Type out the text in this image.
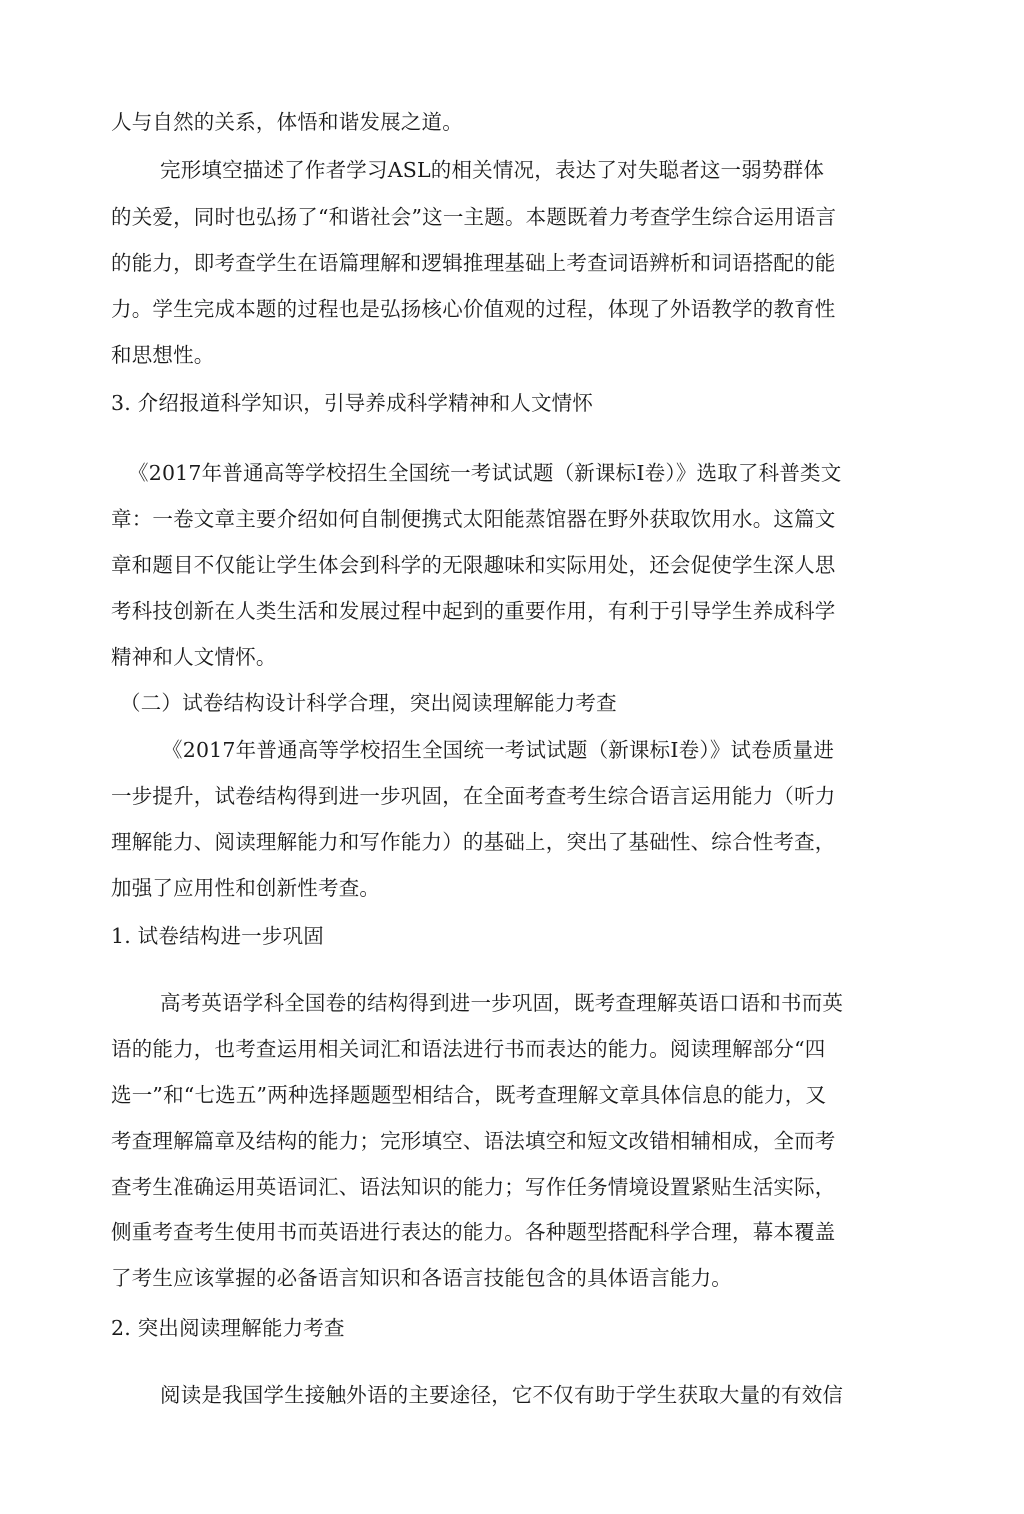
人与自然的关系，体悟和谐发展之道。
完形填空描述了作者学习ASL的相关情况，表达了对失聪者这一弱势群体
的关爱，同时也弘扬了“和谐社会”这一主题。本题既着力考查学生综合运用语言
的能力，即考查学生在语篇理解和逻辑推理基础上考查词语辨析和词语搭配的能
力。学生完成本题的过程也是弘扬核心价值观的过程，体现了外语教学的教育性
和思想性。
3. 介绍报道科学知识，引导养成科学精神和人文情怀
《2017年普通高等学校招生全国统一考试试题（新课标I卷）》选取了科普类文
章：一卷文章主要介绍如何自制便携式太阳能蒸馆器在野外获取饮用水。这篇文
章和题目不仅能让学生体会到科学的无限趣味和实际用处，还会促使学生深人思
考科技创新在人类生活和发展过程中起到的重要作用，有利于引导学生养成科学
精神和人文情怀。
（二）试卷结构设计科学合理，突出阅读理解能力考查
《2017年普通高等学校招生全国统一考试试题（新课标I卷）》试卷质量进
一步提升，试卷结构得到进一步巩固，在全面考查考生综合语言运用能力（听力
理解能力、阅读理解能力和写作能力）的基础上，突出了基础性、综合性考查，
加强了应用性和创新性考查。
1. 试卷结构进一步巩固
高考英语学科全国卷的结构得到进一步巩固，既考查理解英语口语和书而英
语的能力，也考查运用相关词汇和语法进行书而表达的能力。阅读理解部分“四
选一”和“七选五”两种选择题题型相结合，既考查理解文章具体信息的能力，又
考查理解篇章及结构的能力；完形填空、语法填空和短文改错相辅相成，全而考
查考生准确运用英语词汇、语法知识的能力；写作任务情境设置紧贴生活实际，
侧重考查考生使用书而英语进行表达的能力。各种题型搭配科学合理，幕本覆盖
了考生应该掌握的必备语言知识和各语言技能包含的具体语言能力。
2. 突出阅读理解能力考查
阅读是我国学生接触外语的主要途径，它不仅有助于学生获取大量的有效信
